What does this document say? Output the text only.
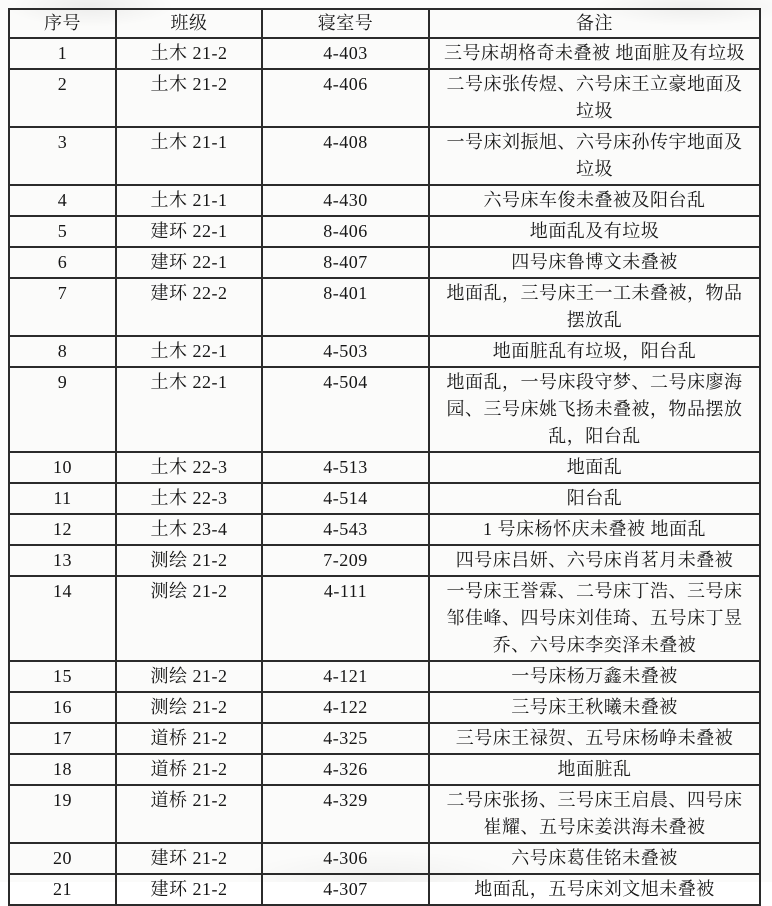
序号	班级	寝室号	备注
1	土木 21-2	4-403	三号床胡格奇未叠被 地面脏及有垃圾
2	土木 21-2	4-406	二号床张传煜、六号床王立豪地面及垃圾
3	土木 21-1	4-408	一号床刘振旭、六号床孙传宇地面及垃圾
4	土木 21-1	4-430	六号床车俊未叠被及阳台乱
5	建环 22-1	8-406	地面乱及有垃圾
6	建环 22-1	8-407	四号床鲁博文未叠被
7	建环 22-2	8-401	地面乱，三号床王一工未叠被，物品摆放乱
8	土木 22-1	4-503	地面脏乱有垃圾，阳台乱
9	土木 22-1	4-504	地面乱，一号床段守梦、二号床廖海园、三号床姚飞扬未叠被，物品摆放乱，阳台乱
10	土木 22-3	4-513	地面乱
11	土木 22-3	4-514	阳台乱
12	土木 23-4	4-543	1 号床杨怀庆未叠被 地面乱
13	测绘 21-2	7-209	四号床吕妍、六号床肖茗月未叠被
14	测绘 21-2	4-111	一号床王誉霖、二号床丁浩、三号床邹佳峰、四号床刘佳琦、五号床丁昱乔、六号床李奕泽未叠被
15	测绘 21-2	4-121	一号床杨万鑫未叠被
16	测绘 21-2	4-122	三号床王秋曦未叠被
17	道桥 21-2	4-325	三号床王禄贺、五号床杨峥未叠被
18	道桥 21-2	4-326	地面脏乱
19	道桥 21-2	4-329	二号床张扬、三号床王启晨、四号床崔耀、五号床姜洪海未叠被
20	建环 21-2	4-306	六号床葛佳铭未叠被
21	建环 21-2	4-307	地面乱，五号床刘文旭未叠被
